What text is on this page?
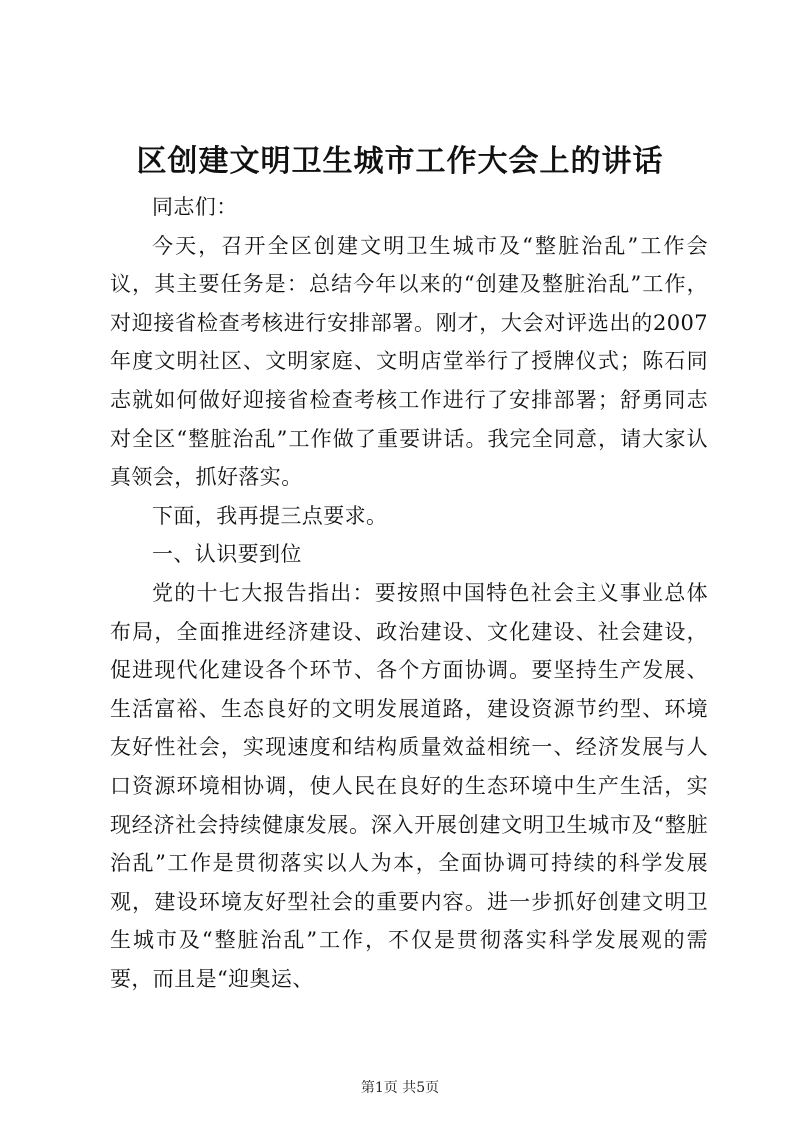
区创建文明卫生城市工作大会上的讲话

同志们：

今天，召开全区创建文明卫生城市及“整脏治乱”工作会议，其主要任务是：总结今年以来的“创建及整脏治乱”工作，对迎接省检查考核进行安排部署。刚才，大会对评选出的2007年度文明社区、文明家庭、文明店堂举行了授牌仪式；陈石同志就如何做好迎接省检查考核工作进行了安排部署；舒勇同志对全区“整脏治乱”工作做了重要讲话。我完全同意，请大家认真领会，抓好落实。

下面，我再提三点要求。

一、认识要到位

党的十七大报告指出：要按照中国特色社会主义事业总体布局，全面推进经济建设、政治建设、文化建设、社会建设，促进现代化建设各个环节、各个方面协调。要坚持生产发展、生活富裕、生态良好的文明发展道路，建设资源节约型、环境友好性社会，实现速度和结构质量效益相统一、经济发展与人口资源环境相协调，使人民在良好的生态环境中生产生活，实现经济社会持续健康发展。深入开展创建文明卫生城市及“整脏治乱”工作是贯彻落实以人为本，全面协调可持续的科学发展观，建设环境友好型社会的重要内容。进一步抓好创建文明卫生城市及“整脏治乱”工作，不仅是贯彻落实科学发展观的需要，而且是“迎奥运、

第1页 共5页
